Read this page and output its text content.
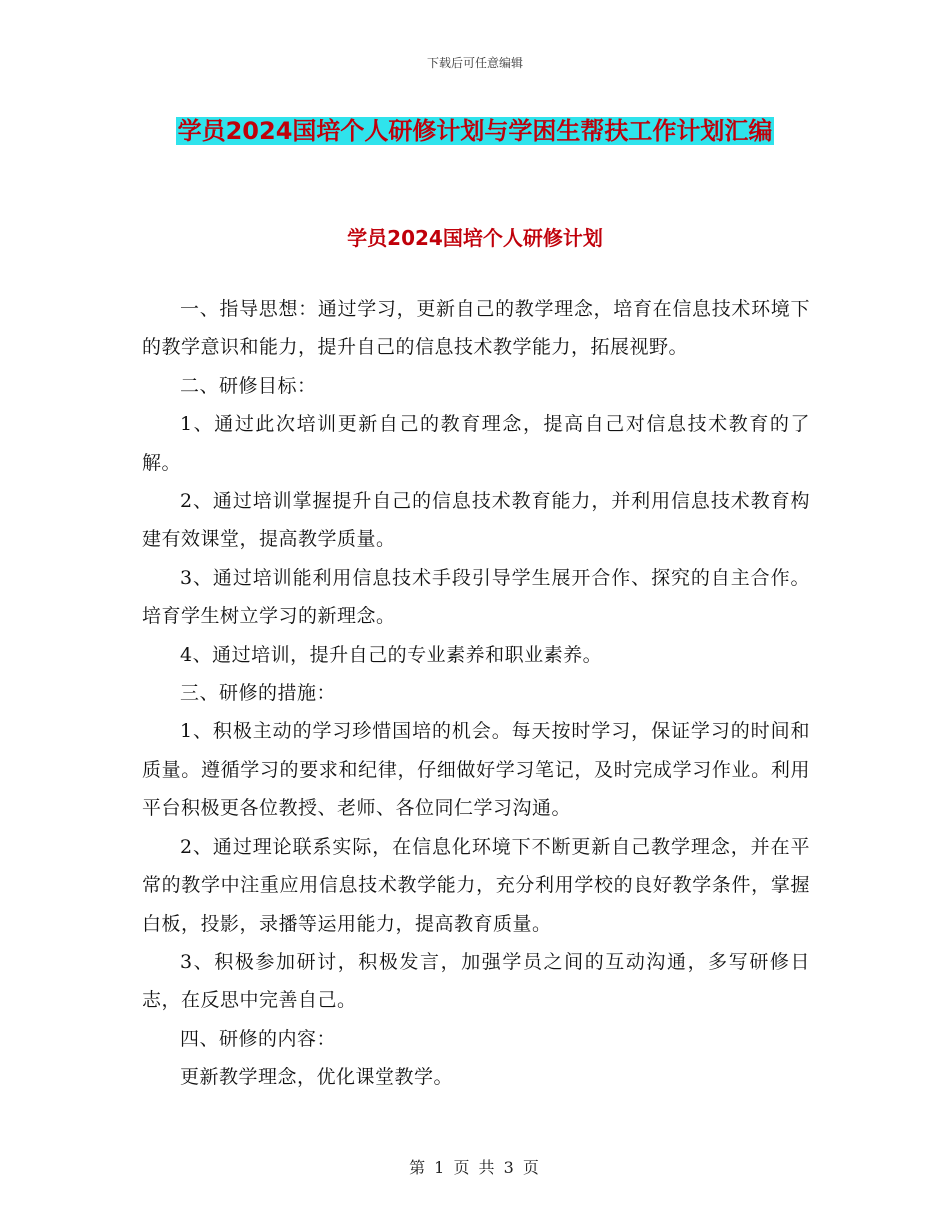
下载后可任意编辑
学员2024国培个人研修计划与学困生帮扶工作计划汇编
学员2024国培个人研修计划

一、指导思想：通过学习，更新自己的教学理念，培育在信息技术环境下的教学意识和能力，提升自己的信息技术教学能力，拓展视野。

二、研修目标：

1、通过此次培训更新自己的教育理念，提高自己对信息技术教育的了解。

2、通过培训掌握提升自己的信息技术教育能力，并利用信息技术教育构建有效课堂，提高教学质量。

3、通过培训能利用信息技术手段引导学生展开合作、探究的自主合作。培育学生树立学习的新理念。

4、通过培训，提升自己的专业素养和职业素养。

三、研修的措施：

1、积极主动的学习珍惜国培的机会。每天按时学习，保证学习的时间和质量。遵循学习的要求和纪律，仔细做好学习笔记，及时完成学习作业。利用平台积极更各位教授、老师、各位同仁学习沟通。

2、通过理论联系实际，在信息化环境下不断更新自己教学理念，并在平常的教学中注重应用信息技术教学能力，充分利用学校的良好教学条件，掌握白板，投影，录播等运用能力，提高教育质量。

3、积极参加研讨，积极发言，加强学员之间的互动沟通，多写研修日志，在反思中完善自己。

四、研修的内容：

更新教学理念，优化课堂教学。

第 1 页 共 3 页
